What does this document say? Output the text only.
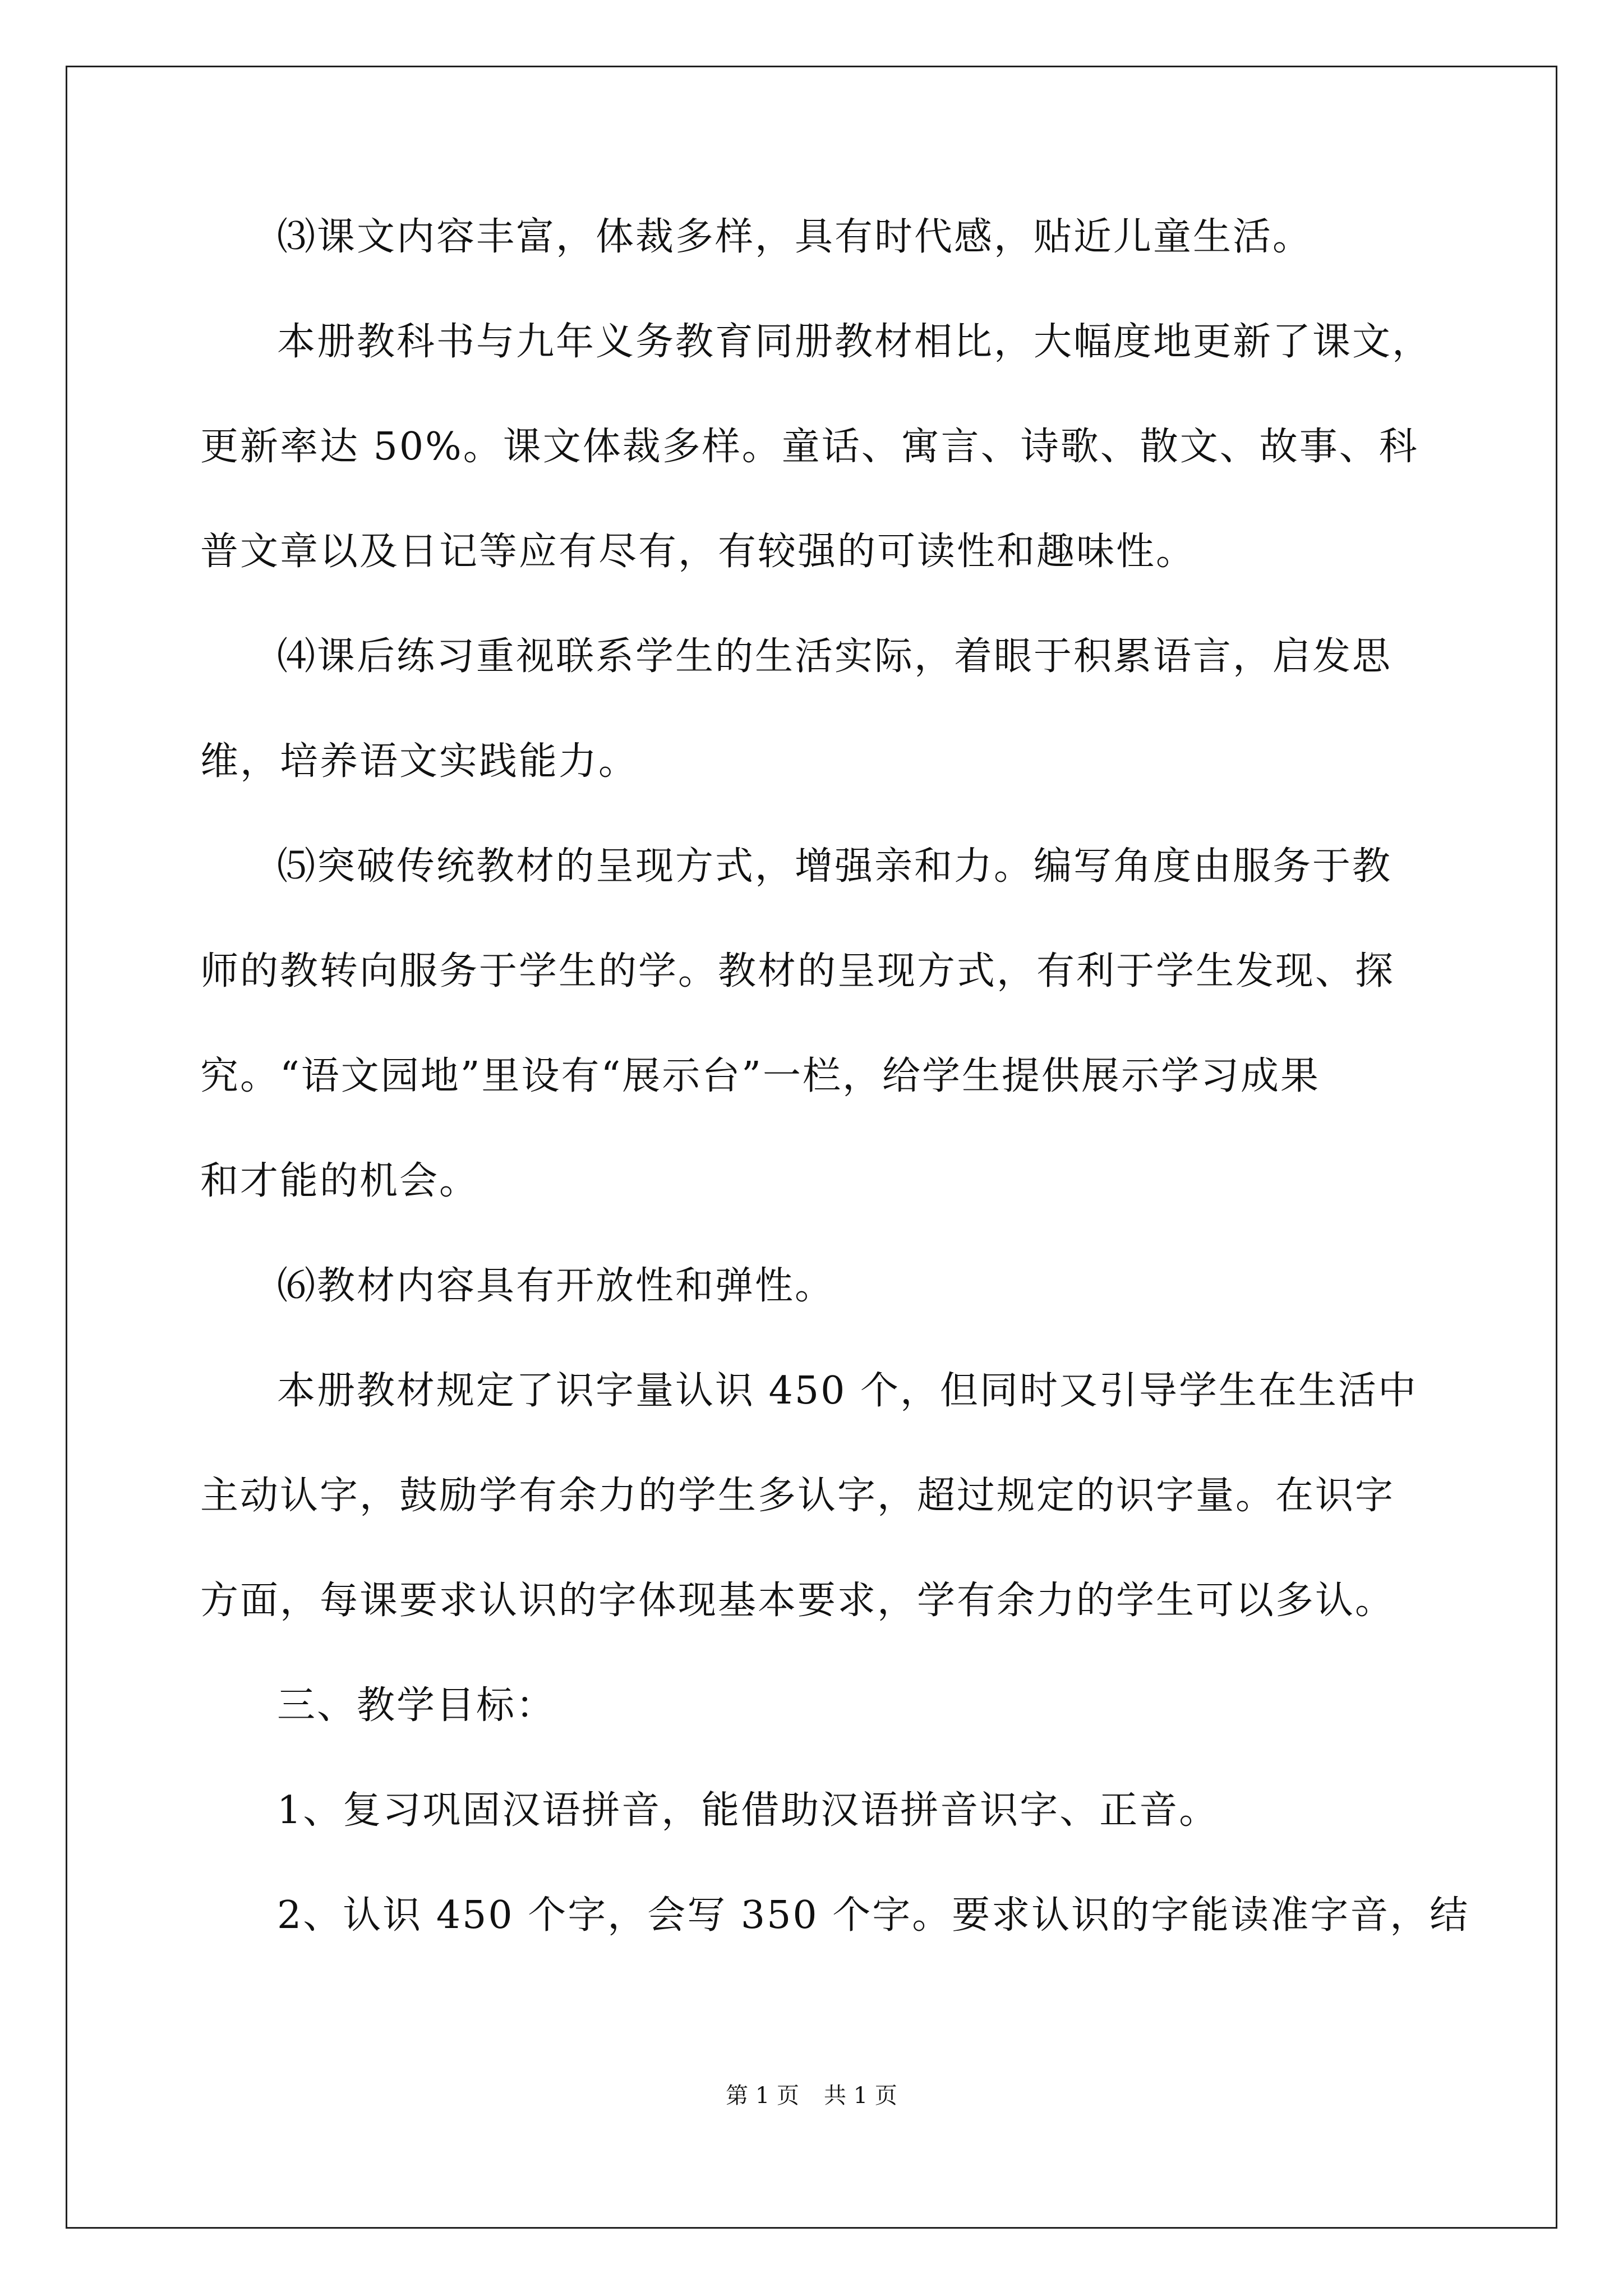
⑶课文内容丰富，体裁多样，具有时代感，贴近儿童生活。
本册教科书与九年义务教育同册教材相比，大幅度地更新了课文，
更新率达 50%。课文体裁多样。童话、寓言、诗歌、散文、故事、科
普文章以及日记等应有尽有，有较强的可读性和趣味性。
⑷课后练习重视联系学生的生活实际，着眼于积累语言，启发思
维，培养语文实践能力。
⑸突破传统教材的呈现方式，增强亲和力。编写角度由服务于教
师的教转向服务于学生的学。教材的呈现方式，有利于学生发现、探
究。“语文园地”里设有“展示台”一栏，给学生提供展示学习成果
和才能的机会。
⑹教材内容具有开放性和弹性。
本册教材规定了识字量认识 450 个，但同时又引导学生在生活中
主动认字，鼓励学有余力的学生多认字，超过规定的识字量。在识字
方面，每课要求认识的字体现基本要求，学有余力的学生可以多认。
三、教学目标：
1、复习巩固汉语拼音，能借助汉语拼音识字、正音。
2、认识 450 个字，会写 350 个字。要求认识的字能读准字音，结
第 1 页 共 1 页
